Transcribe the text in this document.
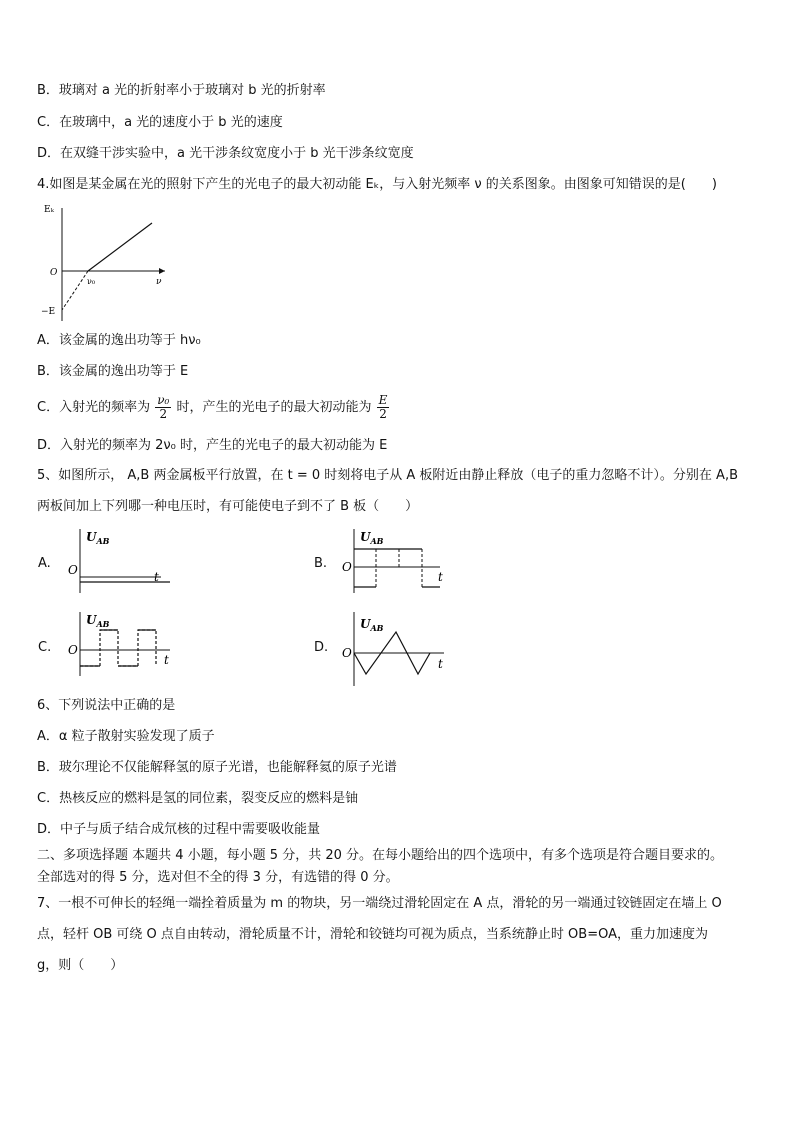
B．玻璃对 a 光的折射率小于玻璃对 b 光的折射率
C．在玻璃中，a 光的速度小于 b 光的速度
D．在双缝干涉实验中，a 光干涉条纹宽度小于 b 光干涉条纹宽度
4.如图是某金属在光的照射下产生的光电子的最大初动能 Eₖ，与入射光频率 ν 的关系图象。由图象可知错误的是(　　)
Eₖ
O
ν₀	ν
−E
A．该金属的逸出功等于 hν₀
B．该金属的逸出功等于 E
C．入射光的频率为 $\frac{\text{ν₀}}{2}$ 时，产生的光电子的最大初动能为 $\frac{E}{2}$
D．入射光的频率为 2ν₀ 时，产生的光电子的最大初动能为 E
5、如图所示， A,B 两金属板平行放置，在 t = 0 时刻将电子从 A 板附近由静止释放（电子的重力忽略不计）。分别在 A,B
两板间加上下列哪一种电压时，有可能使电子到不了 B 板（　　）
A.
$U_{AB}$
O	t
B.
$U_{AB}$
O
t
C.
$U_{AB}$
O
t
D.
$U_{AB}$
O
t
6、下列说法中正确的是
A．α 粒子散射实验发现了质子
B．玻尔理论不仅能解释氢的原子光谱，也能解释氦的原子光谱
C．热核反应的燃料是氢的同位素，裂变反应的燃料是铀
D．中子与质子结合成氘核的过程中需要吸收能量
二、多项选择题 本题共 4 小题，每小题 5 分，共 20 分。在每小题给出的四个选项中，有多个选项是符合题目要求的。
全部选对的得 5 分，选对但不全的得 3 分，有选错的得 0 分。
7、一根不可伸长的轻绳一端拴着质量为 m 的物块，另一端绕过滑轮固定在 A 点，滑轮的另一端通过铰链固定在墙上 O
点，轻杆 OB 可绕 O 点自由转动，滑轮质量不计，滑轮和铰链均可视为质点，当系统静止时 OB=OA，重力加速度为
g，则（　　）
